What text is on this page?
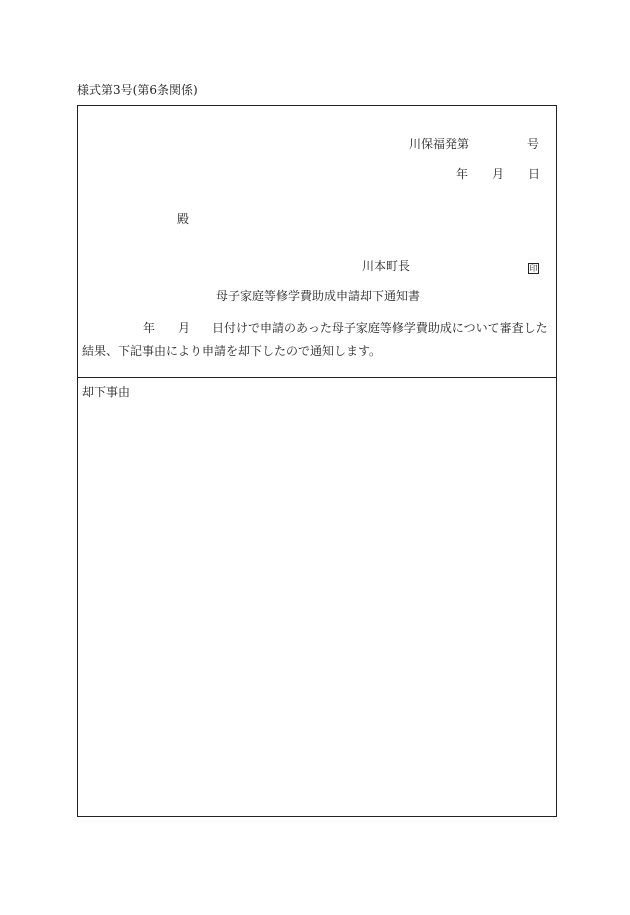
様式第3号(第6条関係)
川保福発第	号
年 月 日
殿
川本町長	印
母子家庭等修学費助成申請却下通知書
年 月 日付けで申請のあった母子家庭等修学費助成について審査した
結果、下記事由により申請を却下したので通知します。
却下事由
